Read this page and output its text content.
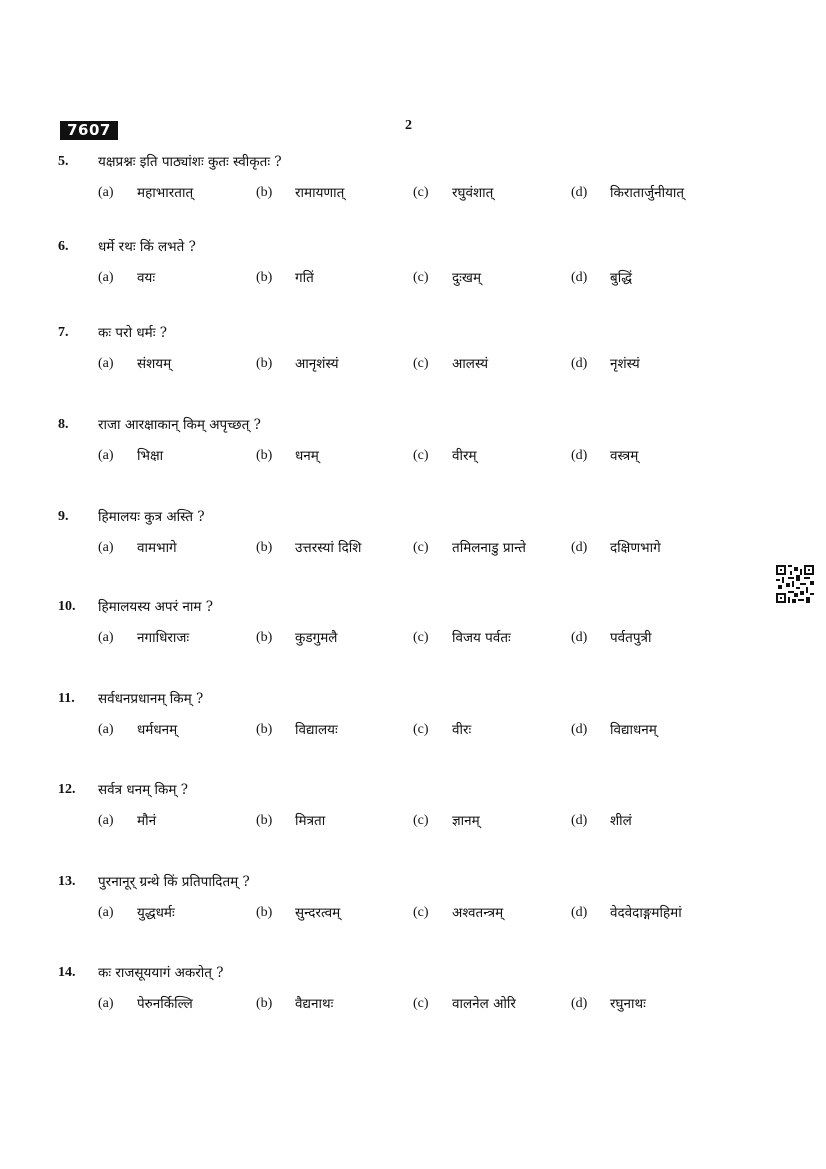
7607	2
5. यक्षप्रश्नः इति पाठ्यांशः कुतः स्वीकृतः ?
(a) महाभारतात्	(b) रामायणात्	(c) रघुवंशात्	(d) किरातार्जुनीयात्
6. धर्मे रथः किं लभते ?
(a) वयः	(b) गतिं	(c) दुःखम्	(d) बुद्धिं
7. कः परो धर्मः ?
(a) संशयम्	(b) आनृशंस्यं	(c) आलस्यं	(d) नृशंस्यं
8. राजा आरक्षाकान् किम् अपृच्छत् ?
(a) भिक्षा	(b) धनम्	(c) वीरम्	(d) वस्त्रम्
9. हिमालयः कुत्र अस्ति ?
(a) वामभागे	(b) उत्तरस्यां दिशि	(c) तमिलनाडु प्रान्ते	(d) दक्षिणभागे
10. हिमालयस्य अपरं नाम ?
(a) नगाधिराजः	(b) कुडगुमलै	(c) विजय पर्वतः	(d) पर्वतपुत्री
11. सर्वधनप्रधानम् किम् ?
(a) धर्मधनम्	(b) विद्यालयः	(c) वीरः	(d) विद्याधनम्
12. सर्वत्र धनम् किम् ?
(a) मौनं	(b) मित्रता	(c) ज्ञानम्	(d) शीलं
13. पुरनानूर् ग्रन्थे किं प्रतिपादितम् ?
(a) युद्धधर्मः	(b) सुन्दरत्वम्	(c) अश्वतन्त्रम्	(d) वेदवेदाङ्गमहिमां
14. कः राजसूययागं अकरोत् ?
(a) पेरुनर्किल्लि	(b) वैद्यनाथः	(c) वालनेल ओरि	(d) रघुनाथः
